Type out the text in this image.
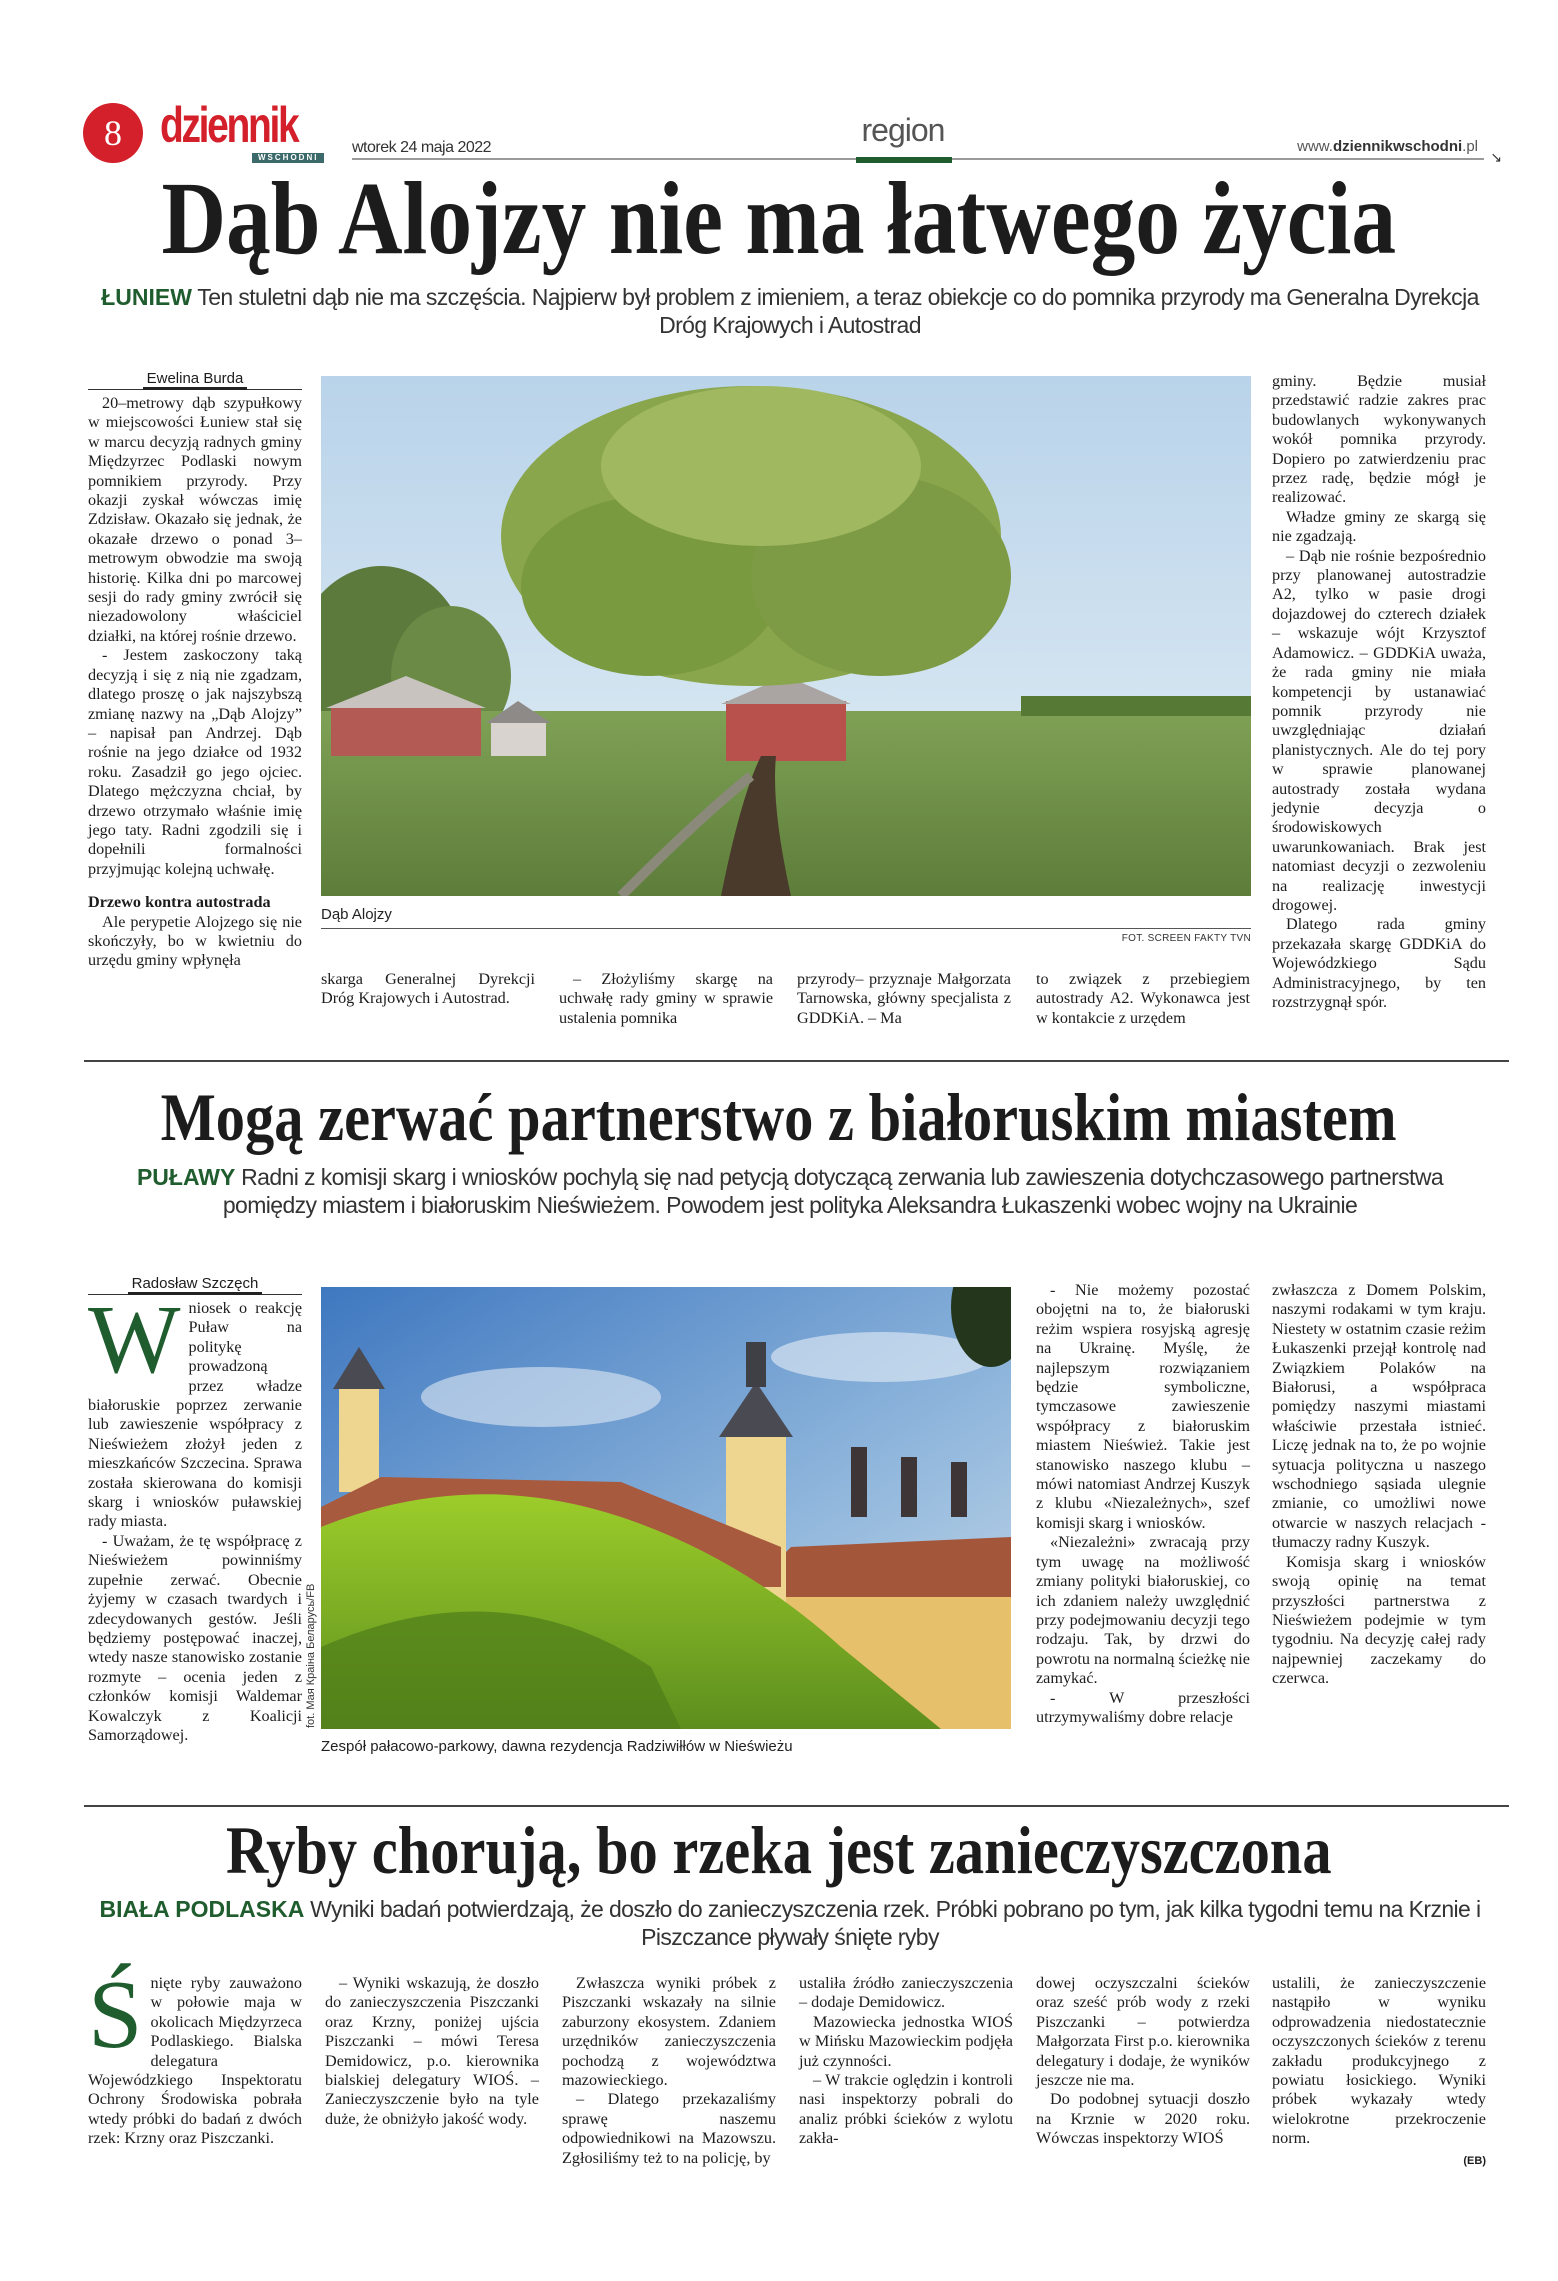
8 dziennik
WSCHODNI
wtorek 24 maja 2022	region	www.dziennikwschodni.pl
↘
Dąb Alojzy nie ma łatwego życia
ŁUNIEW Ten stuletni dąb nie ma szczęścia. Najpierw był problem z imieniem, a teraz obiekcje co do pomnika przyrody ma Generalna Dyrekcja Dróg Krajowych i Autostrad
Ewelina Burda

20–metrowy dąb szypułkowy w miejscowości Łuniew stał się w marcu decyzją radnych gminy Międzyrzec Podlaski nowym pomnikiem przyrody. Przy okazji zyskał wówczas imię Zdzisław. Okazało się jednak, że okazałe drzewo o ponad 3–metrowym obwodzie ma swoją historię. Kilka dni po marcowej sesji do rady gminy zwrócił się niezadowolony właściciel działki, na której rośnie drzewo.

- Jestem zaskoczony taką decyzją i się z nią nie zgadzam, dlatego proszę o jak najszybszą zmianę nazwy na „Dąb Alojzy” – napisał pan Andrzej. Dąb rośnie na jego działce od 1932 roku. Zasadził go jego ojciec. Dlatego mężczyzna chciał, by drzewo otrzymało właśnie imię jego taty. Radni zgodzili się i dopełnili formalności przyjmując kolejną uchwałę.

Drzewo kontra autostrada

Ale perypetie Alojzego się nie skończyły, bo w kwietniu do urzędu gminy wpłynęła

Dąb Alojzy
FOT. SCREEN FAKTY TVN

skarga Generalnej Dyrekcji Dróg Krajowych i Autostrad.

– Złożyliśmy skargę na uchwałę rady gminy w sprawie ustalenia pomnika

przyrody– przyznaje Małgorzata Tarnowska, główny specjalista z GDDKiA. – Ma

to związek z przebiegiem autostrady A2. Wykonawca jest w kontakcie z urzędem

gminy. Będzie musiał przedstawić radzie zakres prac budowlanych wykonywanych wokół pomnika przyrody. Dopiero po zatwierdzeniu prac przez radę, będzie mógł je realizować.

Władze gminy ze skargą się nie zgadzają.

– Dąb nie rośnie bezpośrednio przy planowanej autostradzie A2, tylko w pasie drogi dojazdowej do czterech działek – wskazuje wójt Krzysztof Adamowicz. – GDDKiA uważa, że rada gminy nie miała kompetencji by ustanawiać pomnik przyrody nie uwzględniając działań planistycznych. Ale do tej pory w sprawie planowanej autostrady została wydana jedynie decyzja o środowiskowych uwarunkowaniach. Brak jest natomiast decyzji o zezwoleniu na realizację inwestycji drogowej.

Dlatego rada gminy przekazała skargę GDDKiA do Wojewódzkiego Sądu Administracyjnego, by ten rozstrzygnął spór.

Mogą zerwać partnerstwo z białoruskim miastem
PUŁAWY Radni z komisji skarg i wniosków pochylą się nad petycją dotyczącą zerwania lub zawieszenia dotychczasowego partnerstwa pomiędzy miastem i białoruskim Nieświeżem. Powodem jest polityka Aleksandra Łukaszenki wobec wojny na Ukrainie
Radosław Szczęch
W niosek o reakcję Puław na politykę prowadzoną przez władze białoruskie poprzez zerwanie lub zawieszenie współpracy z Nieświeżem złożył jeden z mieszkańców Szczecina. Sprawa została skierowana do komisji skarg i wniosków puławskiej rady miasta.

- Uważam, że tę współpracę z Nieświeżem powinniśmy zupełnie zerwać. Obecnie żyjemy w czasach twardych i zdecydowanych gestów. Jeśli będziemy postępować inaczej, wtedy nasze stanowisko zostanie rozmyte – ocenia jeden z członków komisji Waldemar Kowalczyk z Koalicji Samorządowej.

fot. Мая Краіна Беларусь/FB
Zespół pałacowo-parkowy, dawna rezydencja Radziwiłłów w Nieświeżu

- Nie możemy pozostać obojętni na to, że białoruski reżim wspiera rosyjską agresję na Ukrainę. Myślę, że najlepszym rozwiązaniem będzie symboliczne, tymczasowe zawieszenie współpracy z białoruskim miastem Nieśwież. Takie jest stanowisko naszego klubu – mówi natomiast Andrzej Kuszyk z klubu «Niezależnych», szef komisji skarg i wniosków.

«Niezależni» zwracają przy tym uwagę na możliwość zmiany polityki białoruskiej, co ich zdaniem należy uwzględnić przy podejmowaniu decyzji tego rodzaju. Tak, by drzwi do powrotu na normalną ścieżkę nie zamykać.

- W przeszłości utrzymywaliśmy dobre relacje

zwłaszcza z Domem Polskim, naszymi rodakami w tym kraju. Niestety w ostatnim czasie reżim Łukaszenki przejął kontrolę nad Związkiem Polaków na Białorusi, a współpraca pomiędzy naszymi miastami właściwie przestała istnieć. Liczę jednak na to, że po wojnie sytuacja polityczna u naszego wschodniego sąsiada ulegnie zmianie, co umożliwi nowe otwarcie w naszych relacjach - tłumaczy radny Kuszyk.

Komisja skarg i wniosków swoją opinię na temat przyszłości partnerstwa z Nieświeżem podejmie w tym tygodniu. Na decyzję całej rady najpewniej zaczekamy do czerwca.

Ryby chorują, bo rzeka jest zanieczyszczona
BIAŁA PODLASKA Wyniki badań potwierdzają, że doszło do zanieczyszczenia rzek. Próbki pobrano po tym, jak kilka tygodni temu na Krznie i Piszczance pływały śnięte ryby
Ś nięte ryby zauważono w połowie maja w okolicach Międzyrzeca Podlaskiego. Bialska delegatura Wojewódzkiego Inspektoratu Ochrony Środowiska pobrała wtedy próbki do badań z dwóch rzek: Krzny oraz Piszczanki.

– Wyniki wskazują, że doszło do zanieczyszczenia Piszczanki oraz Krzny, poniżej ujścia Piszczanki – mówi Teresa Demidowicz, p.o. kierownika bialskiej delegatury WIOŚ. – Zanieczyszczenie było na tyle duże, że obniżyło jakość wody.

Zwłaszcza wyniki próbek z Piszczanki wskazały na silnie zaburzony ekosystem. Zdaniem urzędników zanieczyszczenia pochodzą z województwa mazowieckiego.

– Dlatego przekazaliśmy sprawę naszemu odpowiednikowi na Mazowszu. Zgłosiliśmy też to na policję, by

ustaliła źródło zanieczyszczenia – dodaje Demidowicz.

Mazowiecka jednostka WIOŚ w Mińsku Mazowieckim podjęła już czynności.

– W trakcie oględzin i kontroli nasi inspektorzy pobrali do analiz próbki ścieków z wylotu zakła-

dowej oczyszczalni ścieków oraz sześć prób wody z rzeki Piszczanki – potwierdza Małgorzata First p.o. kierownika delegatury i dodaje, że wyników jeszcze nie ma.

Do podobnej sytuacji doszło na Krznie w 2020 roku. Wówczas inspektorzy WIOŚ

ustalili, że zanieczyszczenie nastąpiło w wyniku odprowadzenia niedostatecznie oczyszczonych ścieków z terenu zakładu produkcyjnego z powiatu łosickiego. Wyniki próbek wykazały wtedy wielokrotne przekroczenie norm.

(EB)
